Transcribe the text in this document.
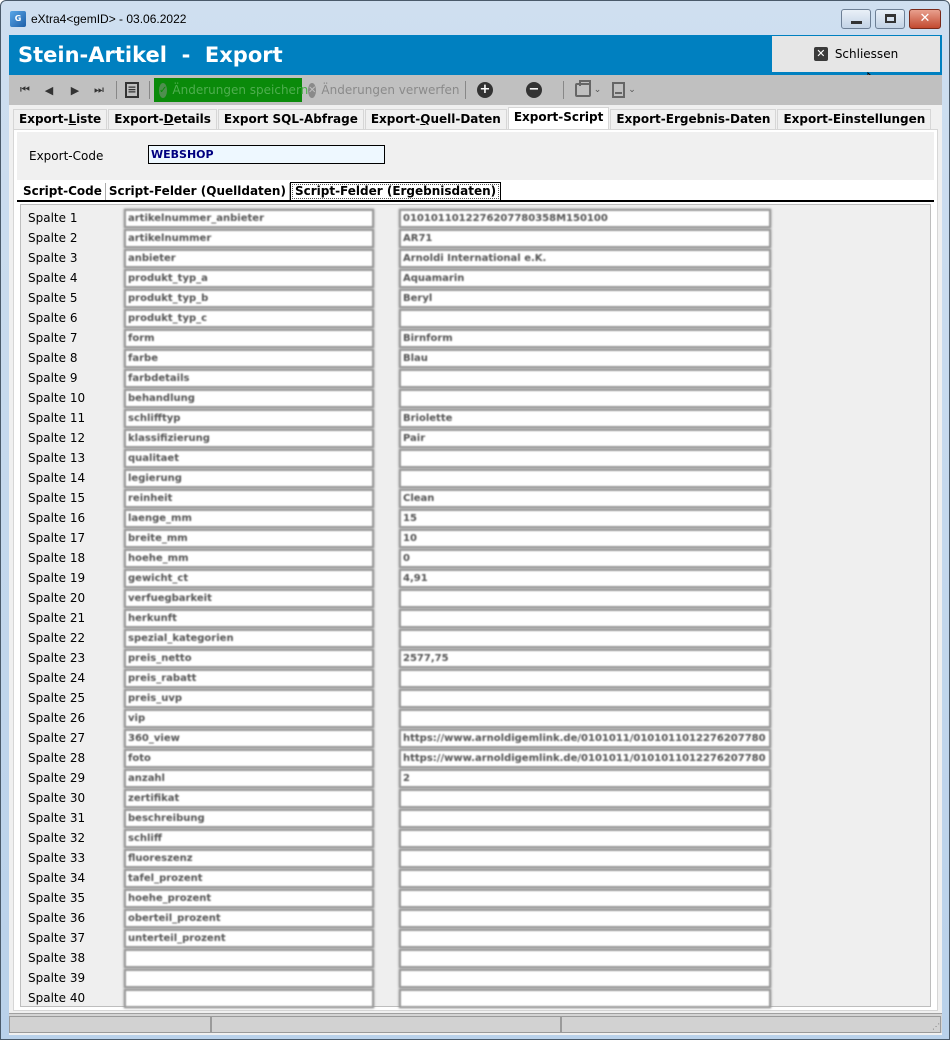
G eXtra4<gemID> - 03.06.2022	✕
Stein-Artikel  -  Export	✕ Schliessen
⏮ ◀ ▶ ⏭ ≡ ✓ Änderungen speichern ✕ Änderungen verwerfen +	−	⌄	⌄
Export-Liste	Export-Details	Export SQL-Abfrage	Export-Quell-Daten	Export-Script	Export-Ergebnis-Daten	Export-Einstellungen
Export-Code	WEBSHOP
Script-Code Script-Felder (Quelldaten) Script-Felder (Ergebnisdaten)
Spalte 1	artikelnummer_anbieter	0101011012276207780358M150100
Spalte 2	artikelnummer	AR71
Spalte 3	anbieter	Arnoldi International e.K.
Spalte 4	produkt_typ_a	Aquamarin
Spalte 5	produkt_typ_b	Beryl
Spalte 6	produkt_typ_c
Spalte 7	form	Birnform
Spalte 8	farbe	Blau
Spalte 9	farbdetails
Spalte 10	behandlung
Spalte 11	schlifftyp	Briolette
Spalte 12	klassifizierung	Pair
Spalte 13	qualitaet
Spalte 14	legierung
Spalte 15	reinheit	Clean
Spalte 16	laenge_mm	15
Spalte 17	breite_mm	10
Spalte 18	hoehe_mm	0
Spalte 19	gewicht_ct	4,91
Spalte 20	verfuegbarkeit
Spalte 21	herkunft
Spalte 22	spezial_kategorien
Spalte 23	preis_netto	2577,75
Spalte 24	preis_rabatt
Spalte 25	preis_uvp
Spalte 26	vip
Spalte 27	360_view	https://www.arnoldigemlink.de/0101011/0101011012276207780
Spalte 28	foto	https://www.arnoldigemlink.de/0101011/0101011012276207780
Spalte 29	anzahl	2
Spalte 30	zertifikat
Spalte 31	beschreibung
Spalte 32	schliff
Spalte 33	fluoreszenz
Spalte 34	tafel_prozent
Spalte 35	hoehe_prozent
Spalte 36	oberteil_prozent
Spalte 37	unterteil_prozent
Spalte 38
Spalte 39
Spalte 40
⋰
